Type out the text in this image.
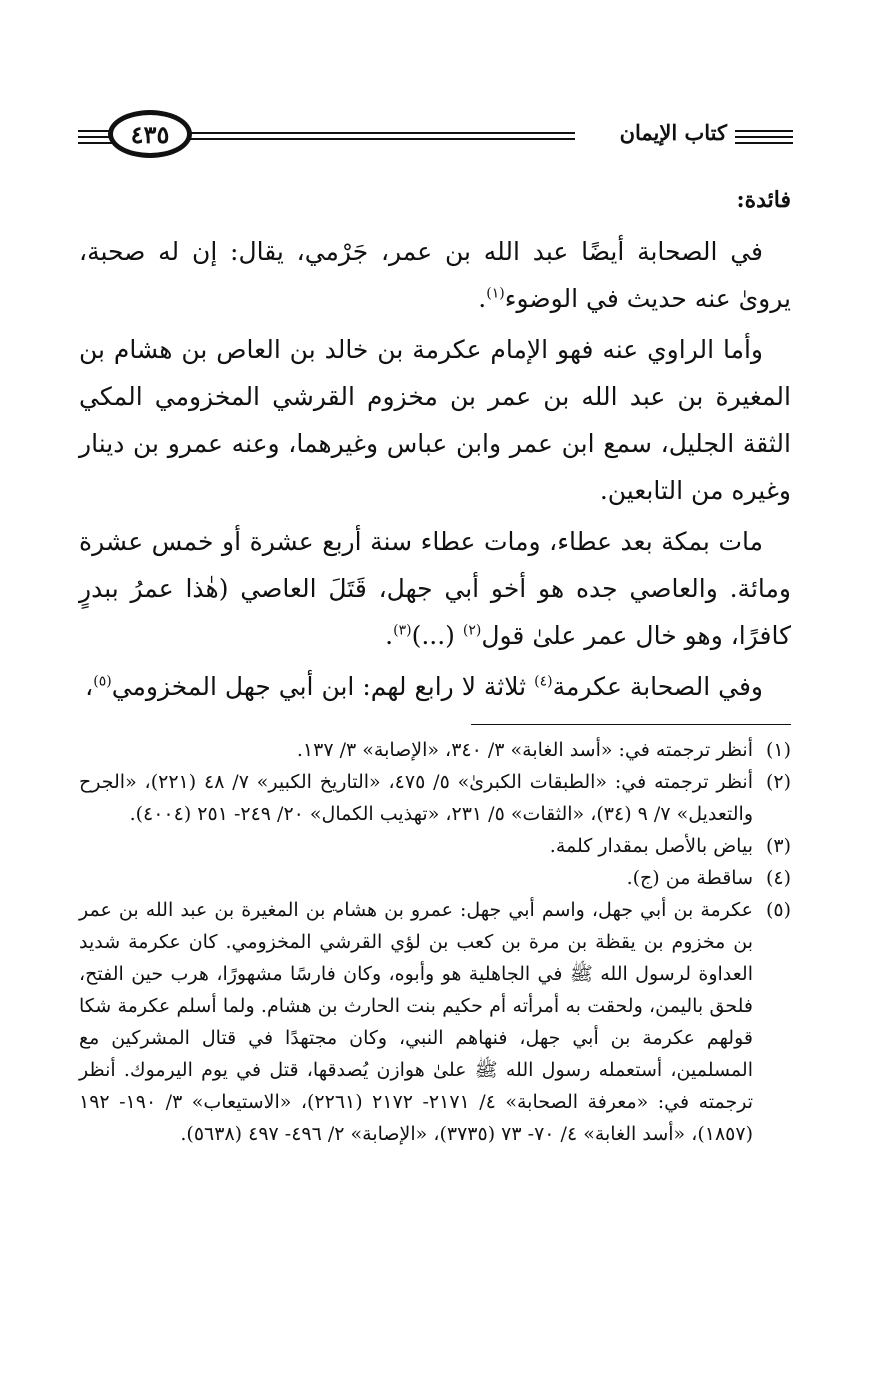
كتاب الإيمان
٤٣٥
فائدة:

في الصحابة أيضًا عبد الله بن عمر، جَرْمي، يقال: إن له صحبة، يرویٰ عنه حديث في الوضوء$^{(١)}$.

وأما الراوي عنه فهو الإمام عكرمة بن خالد بن العاص بن هشام بن المغيرة بن عبد الله بن عمر بن مخزوم القرشي المخزومي المكي الثقة الجليل، سمع ابن عمر وابن عباس وغيرهما، وعنه عمرو بن دينار وغيره من التابعين.

مات بمكة بعد عطاء، ومات عطاء سنة أربع عشرة أو خمس عشرة ومائة. والعاصي جده هو أخو أبي جهل، قَتَلَ العاصي (هٰذا عمرُ ببدرٍ كافرًا، وهو خال عمر علىٰ قول$^{(٢)}$ (...)$^{(٣)}$.

وفي الصحابة عكرمة$^{(٤)}$ ثلاثة لا رابع لهم: ابن أبي جهل المخزومي$^{(٥)}$،

(١)
أنظر ترجمته في: «أسد الغابة» ٣/ ٣٤٠، «الإصابة» ٣/ ١٣٧.

(٢)
أنظر ترجمته في: «الطبقات الكبرىٰ» ٥/ ٤٧٥، «التاريخ الكبير» ٧/ ٤٨ (٢٢١)، «الجرح والتعديل» ٧/ ٩ (٣٤)، «الثقات» ٥/ ٢٣١، «تهذيب الكمال» ٢٠/ ٢٤٩- ٢٥١ (٤٠٠٤).

(٣)
بياض بالأصل بمقدار كلمة.

(٤)
ساقطة من (ج).

(٥)
عكرمة بن أبي جهل، واسم أبي جهل: عمرو بن هشام بن المغيرة بن عبد الله بن عمر بن مخزوم بن يقظة بن مرة بن كعب بن لؤي القرشي المخزومي. كان عكرمة شديد العداوة لرسول الله ﷺ في الجاهلية هو وأبوه، وكان فارسًا مشهورًا، هرب حين الفتح، فلحق باليمن، ولحقت به أمرأته أم حكيم بنت الحارث بن هشام. ولما أسلم عكرمة شكا قولهم عكرمة بن أبي جهل، فنهاهم النبي، وكان مجتهدًا في قتال المشركين مع المسلمين، أستعمله رسول الله ﷺ علىٰ هوازن يُصدقها، قتل في يوم اليرموك. أنظر ترجمته في: «معرفة الصحابة» ٤/ ٢١٧١- ٢١٧٢ (٢٢٦١)، «الاستيعاب» ٣/ ١٩٠- ١٩٢ (١٨٥٧)، «أسد الغابة» ٤/ ٧٠- ٧٣ (٣٧٣٥)، «الإصابة» ٢/ ٤٩٦- ٤٩٧ (٥٦٣٨).
